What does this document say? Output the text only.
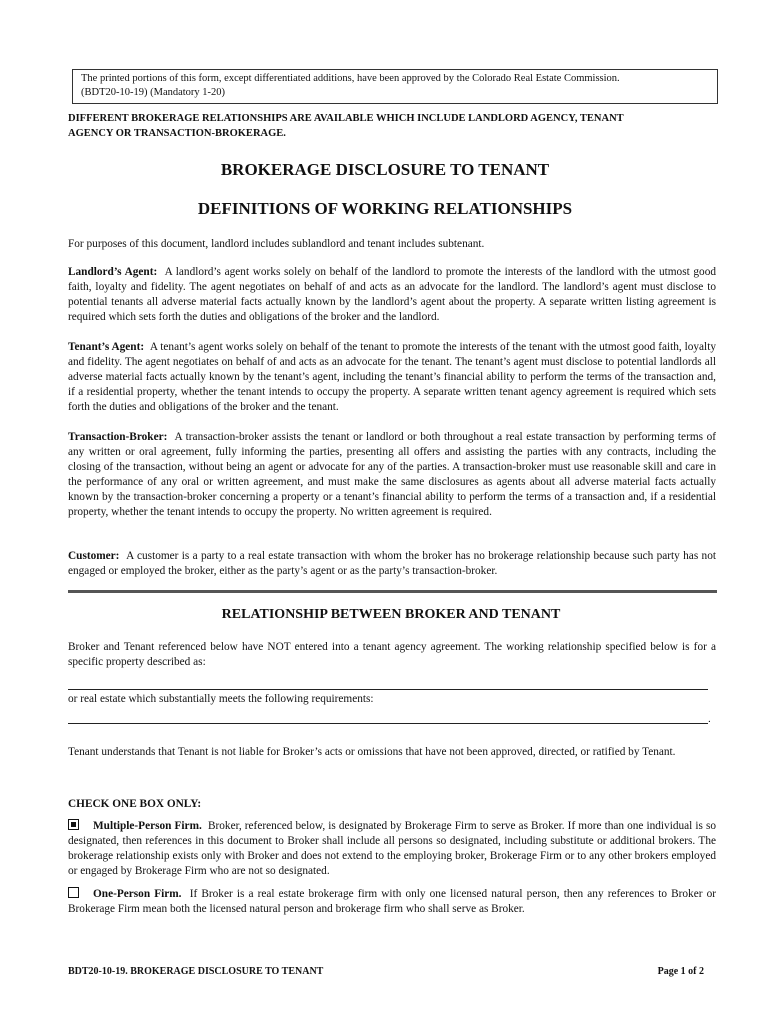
The printed portions of this form, except differentiated additions, have been approved by the Colorado Real Estate Commission.
(BDT20-10-19) (Mandatory 1-20)
DIFFERENT BROKERAGE RELATIONSHIPS ARE AVAILABLE WHICH INCLUDE LANDLORD AGENCY, TENANT
AGENCY OR TRANSACTION-BROKERAGE.
BROKERAGE DISCLOSURE TO TENANT
DEFINITIONS OF WORKING RELATIONSHIPS
For purposes of this document, landlord includes sublandlord and tenant includes subtenant.
Landlord’s Agent: A landlord’s agent works solely on behalf of the landlord to promote the interests of the landlord with the utmost good faith, loyalty and fidelity. The agent negotiates on behalf of and acts as an advocate for the landlord. The landlord’s agent must disclose to potential tenants all adverse material facts actually known by the landlord’s agent about the property. A separate written listing agreement is required which sets forth the duties and obligations of the broker and the landlord.
Tenant’s Agent: A tenant’s agent works solely on behalf of the tenant to promote the interests of the tenant with the utmost good faith, loyalty and fidelity. The agent negotiates on behalf of and acts as an advocate for the tenant. The tenant’s agent must disclose to potential landlords all adverse material facts actually known by the tenant’s agent, including the tenant’s financial ability to perform the terms of the transaction and, if a residential property, whether the tenant intends to occupy the property. A separate written tenant agency agreement is required which sets forth the duties and obligations of the broker and the tenant.
Transaction-Broker: A transaction-broker assists the tenant or landlord or both throughout a real estate transaction by performing terms of any written or oral agreement, fully informing the parties, presenting all offers and assisting the parties with any contracts, including the closing of the transaction, without being an agent or advocate for any of the parties. A transaction-broker must use reasonable skill and care in the performance of any oral or written agreement, and must make the same disclosures as agents about all adverse material facts actually known by the transaction-broker concerning a property or a tenant’s financial ability to perform the terms of a transaction and, if a residential property, whether the tenant intends to occupy the property. No written agreement is required.
Customer: A customer is a party to a real estate transaction with whom the broker has no brokerage relationship because such party has not engaged or employed the broker, either as the party’s agent or as the party’s transaction-broker.
RELATIONSHIP BETWEEN BROKER AND TENANT
Broker and Tenant referenced below have NOT entered into a tenant agency agreement. The working relationship specified below is for a specific property described as:
or real estate which substantially meets the following requirements:
.
Tenant understands that Tenant is not liable for Broker’s acts or omissions that have not been approved, directed, or ratified by Tenant.
CHECK ONE BOX ONLY:
Multiple-Person Firm. Broker, referenced below, is designated by Brokerage Firm to serve as Broker. If more than one individual is so designated, then references in this document to Broker shall include all persons so designated, including substitute or additional brokers. The brokerage relationship exists only with Broker and does not extend to the employing broker, Brokerage Firm or to any other brokers employed or engaged by Brokerage Firm who are not so designated.
One-Person Firm. If Broker is a real estate brokerage firm with only one licensed natural person, then any references to Broker or Brokerage Firm mean both the licensed natural person and brokerage firm who shall serve as Broker.
BDT20-10-19. BROKERAGE DISCLOSURE TO TENANT	Page 1 of 2
